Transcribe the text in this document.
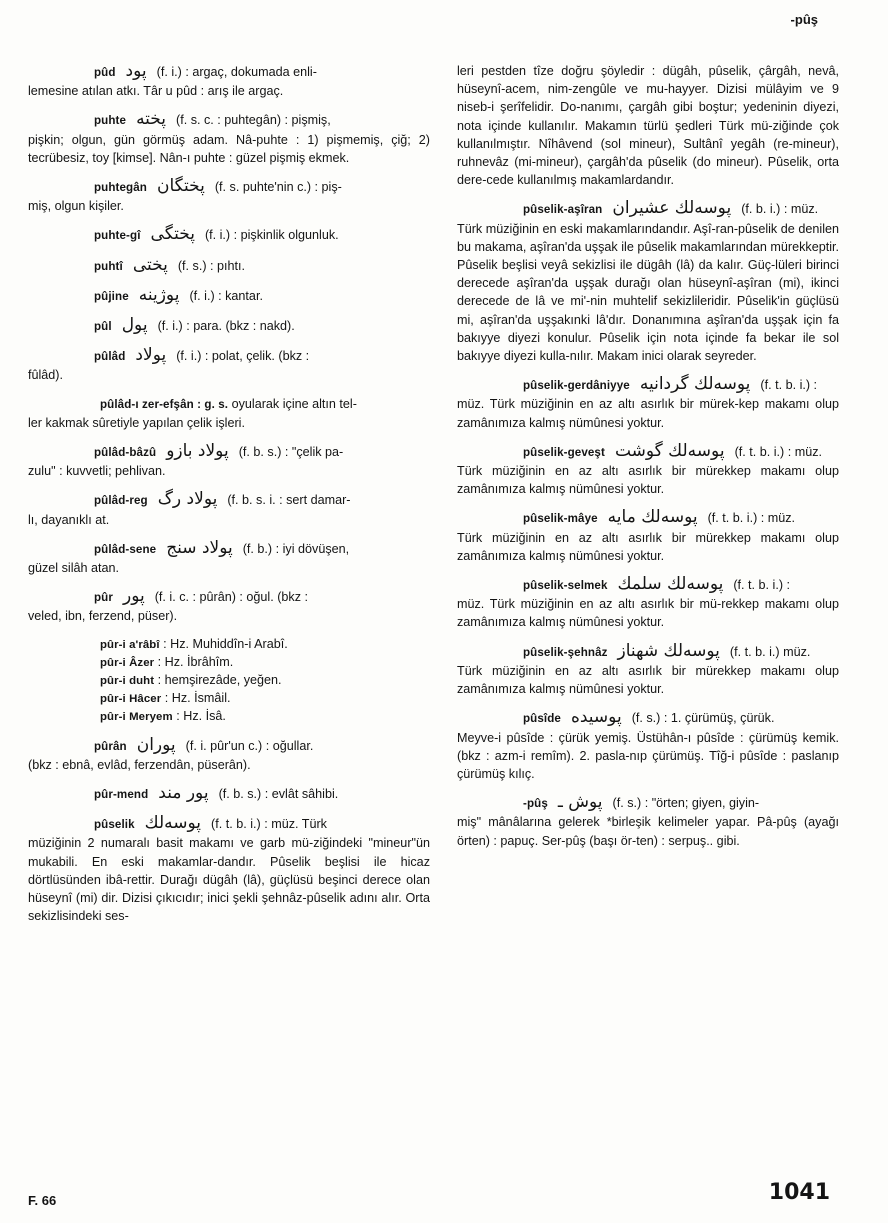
-pûş
pûd پود (f. i.) : argaç, dokumada enli-
lemesine atılan atkı. Târ u pûd : arış ile argaç.
puhte پخته (f. s. c. : puhtegân) : pişmiş,
pişkin; olgun, gün görmüş adam. Nâ-puhte : 1) pişmemiş, çiğ; 2) tecrübesiz, toy [kimse]. Nân-ı puhte : güzel pişmiş ekmek.
puhtegân پختگان (f. s. puhte'nin c.) : piş-
miş, olgun kişiler.
puhte-gî پختگی (f. i.) : pişkinlik olgunluk.
puhtî پختی (f. s.) : pıhtı.
pûjine پوژینه (f. i.) : kantar.
pûl پول (f. i.) : para. (bkz : nakd).
pûlâd پولاد (f. i.) : polat, çelik. (bkz :
fûlâd).
pûlâd-ı zer-efşân : g. s. oyularak içine altın tel-
ler kakmak sûretiyle yapılan çelik işleri.
pûlâd-bâzû پولاد بازو (f. b. s.) : "çelik pa-
zulu" : kuvvetli; pehlivan.
pûlâd-reg پولاد رگ (f. b. s. i. : sert damar-
lı, dayanıklı at.
pûlâd-sene پولاد سنج (f. b.) : iyi dövüşen,
güzel silâh atan.
pûr پور (f. i. c. : pûrân) : oğul. (bkz :
veled, ibn, ferzend, püser).
pûr-i a'râbî : Hz. Muhiddîn-i Arabî.
pûr-i Âzer : Hz. İbrâhîm.
pûr-i duht : hemşirezâde, yeğen.
pûr-i Hâcer : Hz. İsmâil.
pûr-i Meryem : Hz. İsâ.
pûrân پوران (f. i. pûr'un c.) : oğullar.
(bkz : ebnâ, evlâd, ferzendân, püserân).
pûr-mend پور مند (f. b. s.) : evlât sâhibi.
pûselik پوسه‌لك (f. t. b. i.) : müz. Türk
müziğinin 2 numaralı basit makamı ve garb mü-ziğindeki "mineur"ün mukabili. En eski makamlar-dandır. Pûselik beşlisi ile hicaz dörtlüsünden ibâ-rettir. Durağı dügâh (lâ), güçlüsü beşinci derece olan hüseynî (mi) dir. Dizisi çıkıcıdır; inici şekli şehnâz-pûselik adını alır. Orta sekizlisindeki ses-
leri pestden tîze doğru şöyledir : dügâh, pûselik, çârgâh, nevâ, hüseynî-acem, nim-zengûle ve mu-hayyer. Dizisi mülâyim ve 9 niseb-i şerîfelidir. Do-nanımı, çargâh gibi boştur; yedeninin diyezi, nota içinde kullanılır. Makamın türlü şedleri Türk mü-ziğinde çok kullanılmıştır. Nîhâvend (sol mineur), Sultânî yegâh (re-mineur), ruhnevâz (mi-mineur), çargâh'da pûselik (do mineur). Pûselik, orta dere-cede kullanılmış makamlardandır.
pûselik-aşîran پوسه‌لك عشیران (f. b. i.) : müz.
Türk müziğinin en eski makamlarındandır. Aşî-ran-pûselik de denilen bu makama, aşîran'da uşşak ile pûselik makamlarından mürekkeptir. Pûselik beşlisi veyâ sekizlisi ile dügâh (lâ) da kalır. Güç-lüleri birinci derecede aşîran'da uşşak durağı olan hüseynî-aşîran (mi), ikinci derecede de lâ ve mi'-nin muhtelif sekizlileridir. Pûselik'in güçlüsü mi, aşîran'da uşşakınki lâ'dır. Donanımına aşîran'da uşşak için fa bakıyye diyezi konulur. Pûselik için nota içinde fa bekar ile sol bakıyye diyezi kulla-nılır. Makam inici olarak seyreder.
pûselik-gerdâniyye پوسه‌لك گردانیه (f. t. b. i.) :
müz. Türk müziğinin en az altı asırlık bir mürek-kep makamı olup zamânımıza kalmış nümûnesi yoktur.
pûselik-geveşt پوسه‌لك گوشت (f. t. b. i.) : müz.
Türk müziğinin en az altı asırlık bir mürekkep makamı olup zamânımıza kalmış nümûnesi yoktur.
pûselik-mâye پوسه‌لك مایه (f. t. b. i.) : müz.
Türk müziğinin en az altı asırlık bir mürekkep makamı olup zamânımıza kalmış nümûnesi yoktur.
pûselik-selmek پوسه‌لك سلمك (f. t. b. i.) :
müz. Türk müziğinin en az altı asırlık bir mü-rekkep makamı olup zamânımıza kalmış nümûnesi yoktur.
pûselik-şehnâz پوسه‌لك شهناز (f. t. b. i.) müz.
Türk müziğinin en az altı asırlık bir mürekkep makamı olup zamânımıza kalmış nümûnesi yoktur.
pûsîde پوسیده (f. s.) : 1. çürümüş, çürük.
Meyve-i pûsîde : çürük yemiş. Üstühân-ı pûsîde : çürümüş kemik. (bkz : azm-i remîm). 2. pasla-nıp çürümüş. Tîğ-i pûsîde : paslanıp çürümüş kılıç.
-pûş پوش ـ (f. s.) : "örten; giyen, giyin-
miş" mânâlarına gelerek *birleşik kelimeler yapar. Pâ-pûş (ayağı örten) : papuç. Ser-pûş (başı ör-ten) : serpuş.. gibi.
F. 66	1041
